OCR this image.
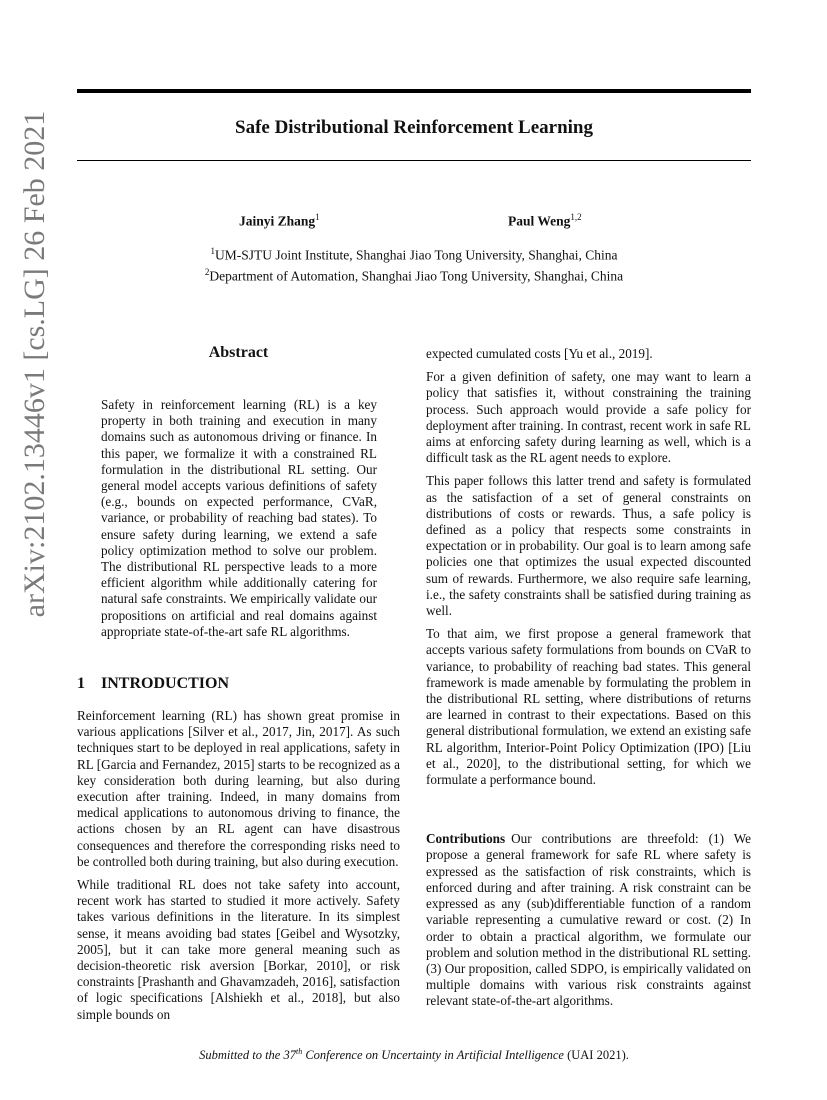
Safe Distributional Reinforcement Learning
Jainyi Zhang$^1$	Paul Weng$^{1,2}$
$^1$UM-SJTU Joint Institute, Shanghai Jiao Tong University, Shanghai, China
$^2$Department of Automation, Shanghai Jiao Tong University, Shanghai, China
arXiv:2102.13446v1 [cs.LG] 26 Feb 2021	Abstract
Safety in reinforcement learning (RL) is a key property in both training and execution in many domains such as autonomous driving or finance. In this paper, we formalize it with a constrained RL formulation in the distributional RL setting. Our general model accepts various definitions of safety (e.g., bounds on expected performance, CVaR, variance, or probability of reaching bad states). To ensure safety during learning, we extend a safe policy optimization method to solve our problem. The distributional RL perspective leads to a more efficient algorithm while additionally catering for natural safe constraints. We empirically validate our propositions on artificial and real domains against appropriate state-of-the-art safe RL algorithms.
1 INTRODUCTION

Reinforcement learning (RL) has shown great promise in various applications [Silver et al., 2017, Jin, 2017]. As such techniques start to be deployed in real applications, safety in RL [Garcia and Fernandez, 2015] starts to be recognized as a key consideration both during learning, but also during execution after training. Indeed, in many domains from medical applications to autonomous driving to finance, the actions chosen by an RL agent can have disastrous consequences and therefore the corresponding risks need to be controlled both during training, but also during execution.

While traditional RL does not take safety into account, recent work has started to studied it more actively. Safety takes various definitions in the literature. In its simplest sense, it means avoiding bad states [Geibel and Wysotzky, 2005], but it can take more general meaning such as decision-theoretic risk aversion [Borkar, 2010], or risk constraints [Prashanth and Ghavamzadeh, 2016], satisfaction of logic specifications [Alshiekh et al., 2018], but also simple bounds on

expected cumulated costs [Yu et al., 2019].

For a given definition of safety, one may want to learn a policy that satisfies it, without constraining the training process. Such approach would provide a safe policy for deployment after training. In contrast, recent work in safe RL aims at enforcing safety during learning as well, which is a difficult task as the RL agent needs to explore.

This paper follows this latter trend and safety is formulated as the satisfaction of a set of general constraints on distributions of costs or rewards. Thus, a safe policy is defined as a policy that respects some constraints in expectation or in probability. Our goal is to learn among safe policies one that optimizes the usual expected discounted sum of rewards. Furthermore, we also require safe learning, i.e., the safety constraints shall be satisfied during training as well.

To that aim, we first propose a general framework that accepts various safety formulations from bounds on CVaR to variance, to probability of reaching bad states. This general framework is made amenable by formulating the problem in the distributional RL setting, where distributions of returns are learned in contrast to their expectations. Based on this general distributional formulation, we extend an existing safe RL algorithm, Interior-Point Policy Optimization (IPO) [Liu et al., 2020], to the distributional setting, for which we formulate a performance bound.

Contributions Our contributions are threefold: (1) We propose a general framework for safe RL where safety is expressed as the satisfaction of risk constraints, which is enforced during and after training. A risk constraint can be expressed as any (sub)differentiable function of a random variable representing a cumulative reward or cost. (2) In order to obtain a practical algorithm, we formulate our problem and solution method in the distributional RL setting. (3) Our proposition, called SDPO, is empirically validated on multiple domains with various risk constraints against relevant state-of-the-art algorithms.

Submitted to the 37th Conference on Uncertainty in Artificial Intelligence (UAI 2021).
